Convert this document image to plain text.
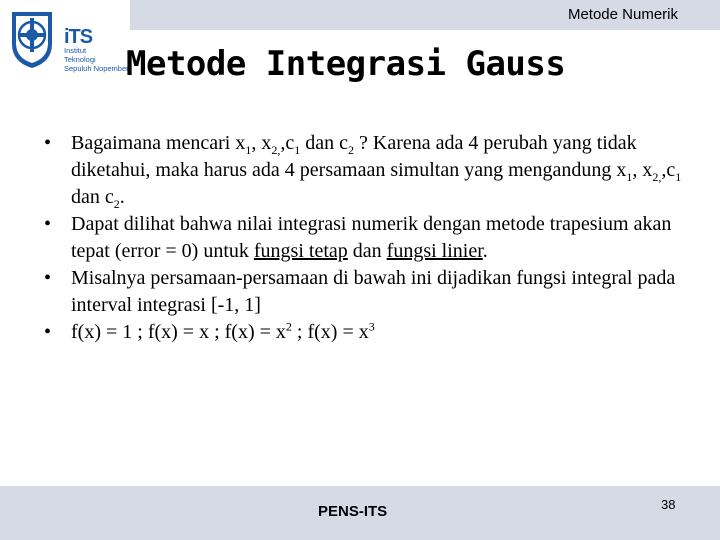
Metode Numerik
iTS
Institut
Teknologi
Sepuluh Nopember
Metode Integrasi Gauss
• Bagaimana mencari $x_1$, $x_{2,},c_1$ dan $c_2$ ? Karena ada 4 perubah yang tidak diketahui, maka harus ada 4 persamaan simultan yang mengandung $x_1$, $x_{2,},c_1$ dan $c_2$.
• Dapat dilihat bahwa nilai integrasi numerik dengan metode trapesium akan tepat (error = 0) untuk fungsi tetap dan fungsi linier.
• Misalnya persamaan-persamaan di bawah ini dijadikan fungsi integral pada interval integrasi [-1, 1]
• f(x) = 1 ; f(x) = x ; $f(x) = x^2$ ; $f(x) = x^3$
PENS-ITS	38
